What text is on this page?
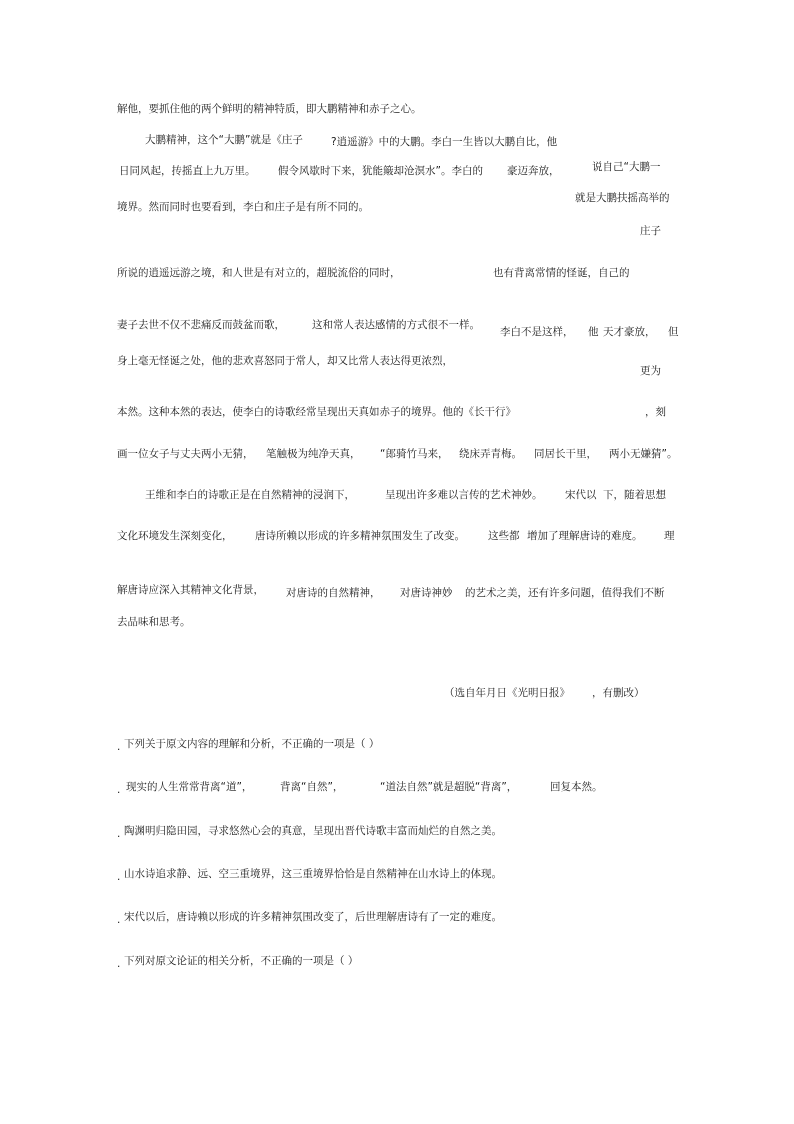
解他，要抓住他的两个鲜明的精神特质，即大鹏精神和赤子之心。
大鹏精神，这个“大鹏”就是《庄子	?逍遥游》中的大鹏。李白一生皆以大鹏自比，他
日同风起，抟摇直上九万里。 假令风歇时下来，犹能簸却沧溟水”。李白的 豪迈奔放，	说自己“大鹏一
就是大鹏扶摇高举的
境界。然而同时也要看到，李白和庄子是有所不同的。
庄子
所说的逍遥远游之境，和人世是有对立的，超脱流俗的同时，	也有背离常情的怪诞，自己的
妻子去世不仅不悲痛反而鼓盆而歌，	这和常人表达感情的方式很不一样。
李白不是这样， 他 天才豪放， 但
身上毫无怪诞之处，他的悲欢喜怒同于常人，却又比常人表达得更浓烈，
更为
本然。这种本然的表达，使李白的诗歌经常呈现出天真如赤子的境界。他的《长干行》	，刻
画一位女子与丈夫两小无猜， 笔触极为纯净天真， “郎骑竹马来， 绕床弄青梅。 同居长干里， 两小无嫌猜”。
王维和李白的诗歌正是在自然精神的浸润下，	呈现出许多难以言传的艺术神妙。 宋代以 下，随着思想
文化环境发生深刻变化， 唐诗所赖以形成的许多精神氛围发生了改变。 这些都 增加了理解唐诗的难度。 理
解唐诗应深入其精神文化背景， 对唐诗的自然精神， 对唐诗神妙 的艺术之美，还有许多问题，值得我们不断
去品味和思考。
（选自年月日《光明日报》 ，有删改）
. 下列关于原文内容的理解和分析，不正确的一项是（ ）
. 现实的人生常常背离“道”，	背离“自然”，	“道法自然”就是超脱“背离”，	回复本然。
. 陶渊明归隐田园，寻求悠然心会的真意，呈现出晋代诗歌丰富而灿烂的自然之美。
. 山水诗追求静、远、空三重境界，这三重境界恰恰是自然精神在山水诗上的体现。
. 宋代以后，唐诗赖以形成的许多精神氛围改变了，后世理解唐诗有了一定的难度。
. 下列对原文论证的相关分析，不正确的一项是（ ）
